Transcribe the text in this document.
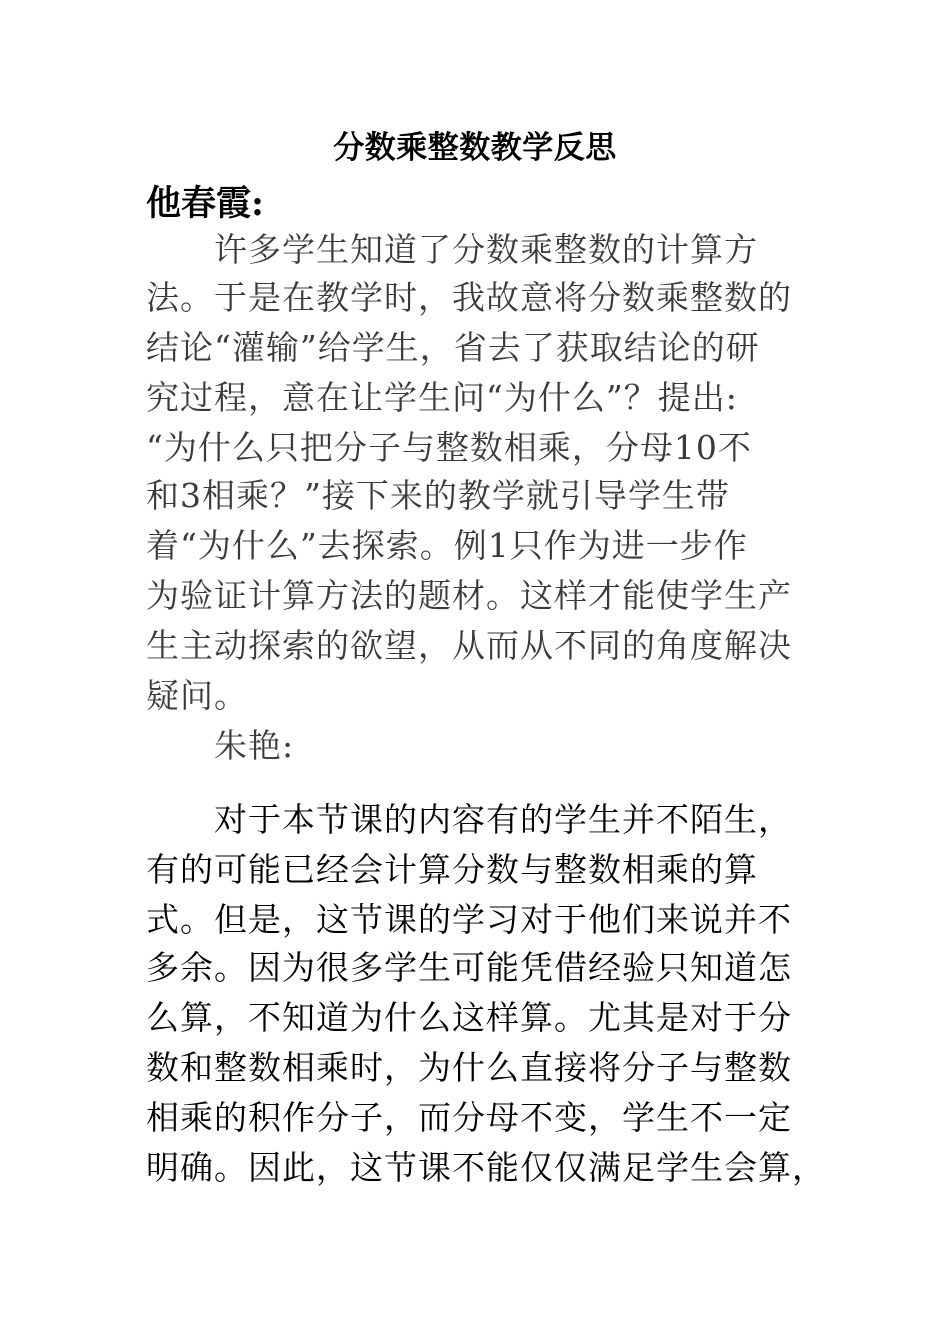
分数乘整数教学反思
他春霞:
许多学生知道了分数乘整数的计算方
法。于是在教学时，我故意将分数乘整数的
结论“灌输”给学生，省去了获取结论的研
究过程，意在让学生问“为什么”？提出:
“为什么只把分子与整数相乘，分母10不
和3相乘？”接下来的教学就引导学生带
着“为什么”去探索。例1只作为进一步作
为验证计算方法的题材。这样才能使学生产
生主动探索的欲望，从而从不同的角度解决
疑问。
朱艳:
对于本节课的内容有的学生并不陌生，
有的可能已经会计算分数与整数相乘的算
式。但是，这节课的学习对于他们来说并不
多余。因为很多学生可能凭借经验只知道怎
么算，不知道为什么这样算。尤其是对于分
数和整数相乘时，为什么直接将分子与整数
相乘的积作分子，而分母不变，学生不一定
明确。因此，这节课不能仅仅满足学生会算，
